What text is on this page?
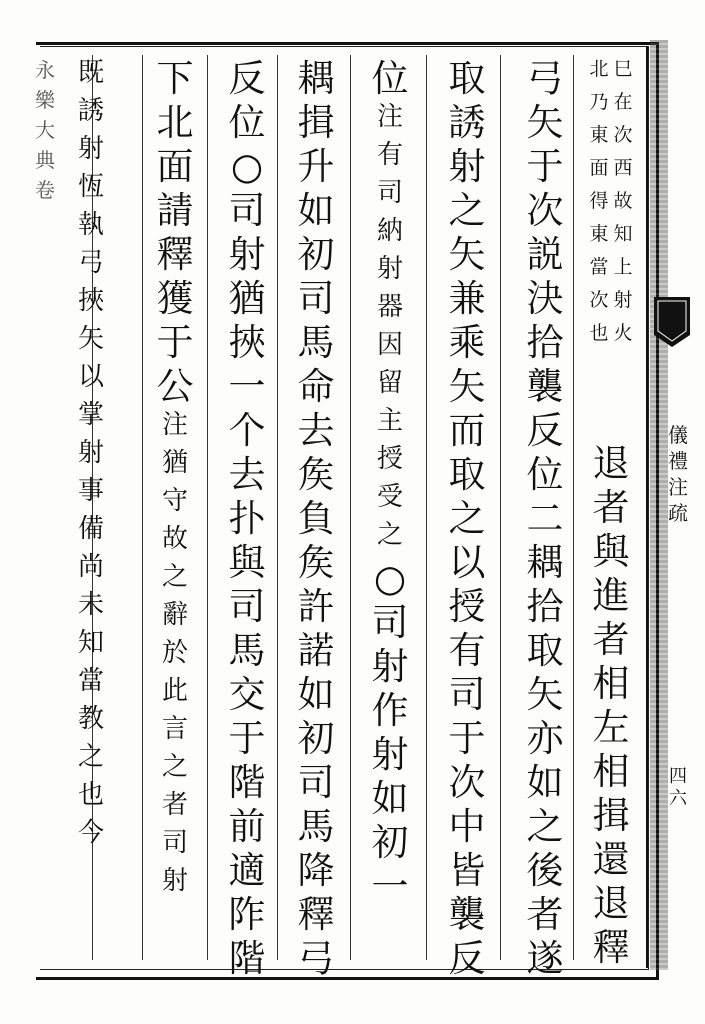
永
樂
大
典
卷
儀
禮
注
疏
四
六
巳
在
次
西
故
知
上
射
火
北
乃
東
面
得
東
當
次
也
退
者
與
進
者
相
左
相
揖
還
退
釋
弓
矢
于
次
説
決
拾
襲
反
位
二
耦
拾
取
矢
亦
如
之
後
者
遂
取
誘
射
之
矢
兼
乘
矢
而
取
之
以
授
有
司
于
次
中
皆
襲
反
位
注
有
司
納
射
器
因
留
主
授
受
之
○
司
射
作
射
如
初
一
耦
揖
升
如
初
司
馬
命
去
矦
負
矦
許
諾
如
初
司
馬
降
釋
弓
反
位
○
司
射
猶
挾
一
个
去
扑
與
司
馬
交
于
階
前
適
阼
階
下
北
面
請
釋
獲
于
公
注
猶
守
故
之
辭
於
此
言
之
者
司
射
既
誘
射
恆
執
弓
挾
矢
以
掌
射
事
備
尚
未
知
當
教
之
也
今
